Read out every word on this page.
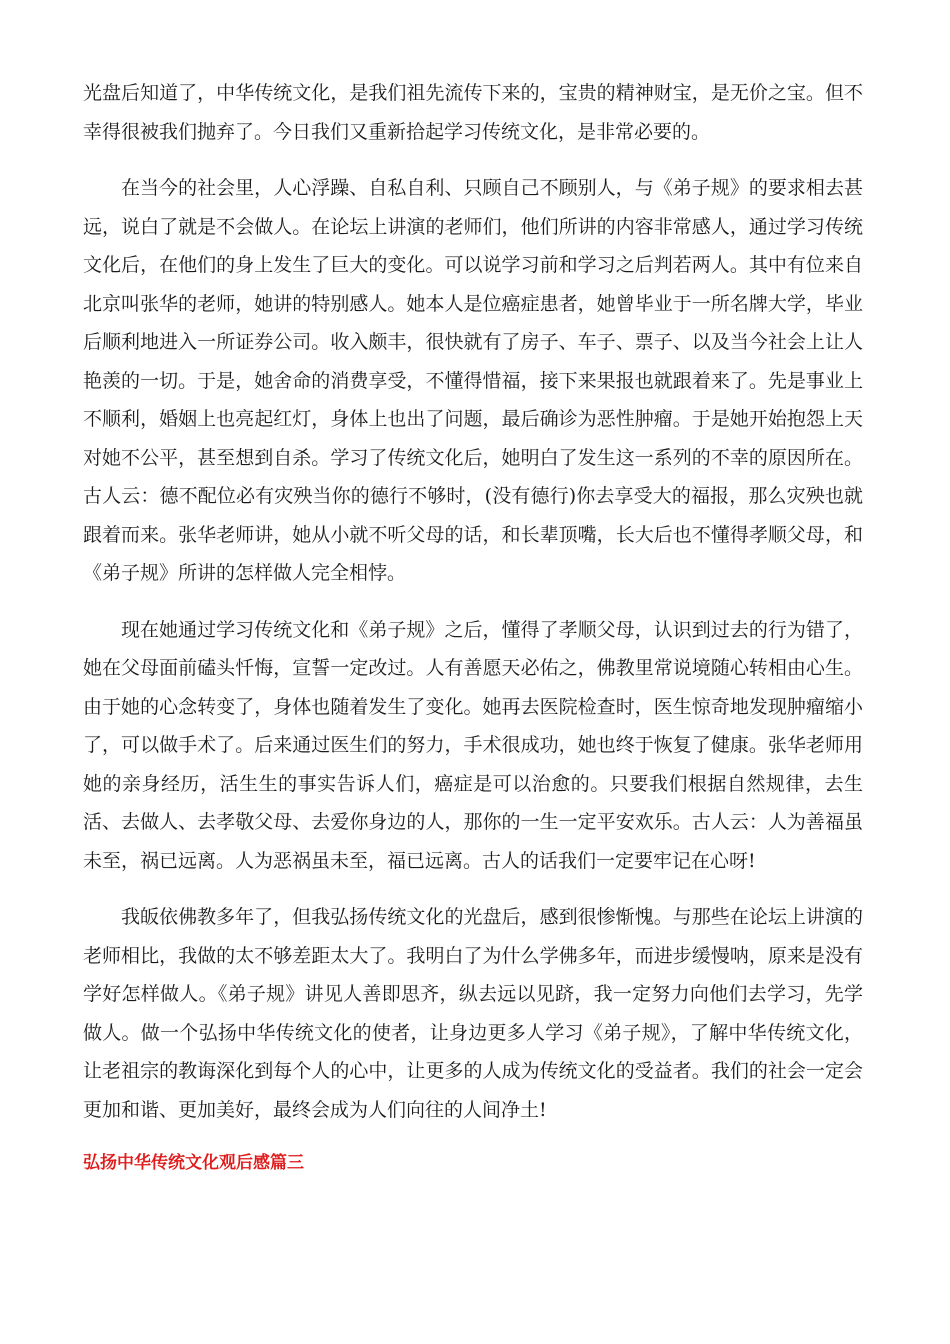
光盘后知道了，中华传统文化，是我们祖先流传下来的，宝贵的精神财宝，是无价之宝。但不幸得很被我们抛弃了。今日我们又重新拾起学习传统文化，是非常必要的。

在当今的社会里，人心浮躁、自私自利、只顾自己不顾别人，与《弟子规》的要求相去甚远，说白了就是不会做人。在论坛上讲演的老师们，他们所讲的内容非常感人，通过学习传统文化后，在他们的身上发生了巨大的变化。可以说学习前和学习之后判若两人。其中有位来自北京叫张华的老师，她讲的特别感人。她本人是位癌症患者，她曾毕业于一所名牌大学，毕业后顺利地进入一所证券公司。收入颇丰，很快就有了房子、车子、票子、以及当今社会上让人艳羡的一切。于是，她舍命的消费享受，不懂得惜福，接下来果报也就跟着来了。先是事业上不顺利，婚姻上也亮起红灯，身体上也出了问题，最后确诊为恶性肿瘤。于是她开始抱怨上天对她不公平，甚至想到自杀。学习了传统文化后，她明白了发生这一系列的不幸的原因所在。古人云：德不配位必有灾殃当你的德行不够时，(没有德行)你去享受大的福报，那么灾殃也就跟着而来。张华老师讲，她从小就不听父母的话，和长辈顶嘴，长大后也不懂得孝顺父母，和《弟子规》所讲的怎样做人完全相悖。

现在她通过学习传统文化和《弟子规》之后，懂得了孝顺父母，认识到过去的行为错了，她在父母面前磕头忏悔，宣誓一定改过。人有善愿天必佑之，佛教里常说境随心转相由心生。由于她的心念转变了，身体也随着发生了变化。她再去医院检查时，医生惊奇地发现肿瘤缩小了，可以做手术了。后来通过医生们的努力，手术很成功，她也终于恢复了健康。张华老师用她的亲身经历，活生生的事实告诉人们，癌症是可以治愈的。只要我们根据自然规律，去生活、去做人、去孝敬父母、去爱你身边的人，那你的一生一定平安欢乐。古人云：人为善福虽未至，祸已远离。人为恶祸虽未至，福已远离。古人的话我们一定要牢记在心呀!

我皈依佛教多年了，但我弘扬传统文化的光盘后，感到很惨惭愧。与那些在论坛上讲演的老师相比，我做的太不够差距太大了。我明白了为什么学佛多年，而进步缓慢呐，原来是没有学好怎样做人。《弟子规》讲见人善即思齐，纵去远以见跻，我一定努力向他们去学习，先学做人。做一个弘扬中华传统文化的使者，让身边更多人学习《弟子规》，了解中华传统文化，让老祖宗的教诲深化到每个人的心中，让更多的人成为传统文化的受益者。我们的社会一定会更加和谐、更加美好，最终会成为人们向往的人间净土!

弘扬中华传统文化观后感篇三
